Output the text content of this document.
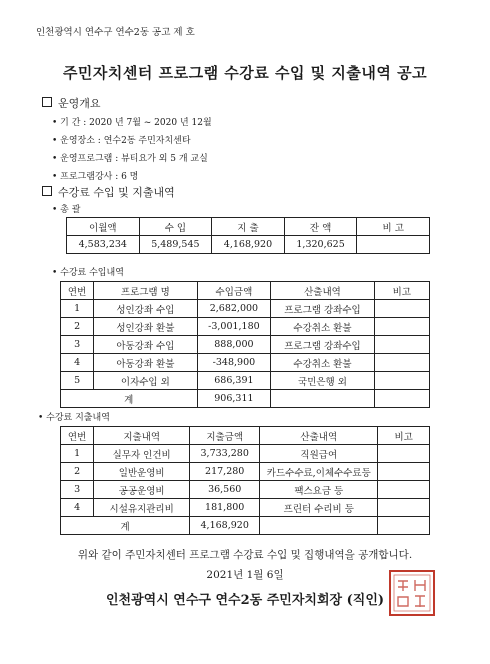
인천광역시 연수구 연수2동 공고 제 호
주민자치센터 프로그램 수강료 수입 및 지출내역 공고
운영개요
• 기 간 : 2020 년 7월 ~ 2020 년 12월
• 운영장소 : 연수2동 주민자치센타
• 운영프로그램 : 뷰티요가 외 5 개 교실
• 프로그램강사 : 6 명
수강료 수입 및 지출내역
• 총 괄
이월액	수 입	지 출	잔 액	비 고
4,583,234	5,489,545	4,168,920	1,320,625	
• 수강료 수입내역
연번	프로그램 명	수입금액	산출내역	비고
1	성인강좌 수입	2,682,000	프로그램 강좌수입	
2	성인강좌 환불	-3,001,180	수강취소 환불	
3	아동강좌 수입	888,000	프로그램 강좌수입	
4	아동강좌 환불	-348,900	수강취소 환불	
5	이자수입 외	686,391	국민은행 외	
계		906,311		
• 수강료 지출내역
연번	지출내역	지출금액	산출내역	비고
1	실무자 인건비	3,733,280	직원급여	
2	일반운영비	217,280	카드수수료,이체수수료등	
3	공공운영비	36,560	팩스요금 등	
4	시설유지관리비	181,800	프린터 수리비 등	
계		4,168,920		
위와 같이 주민자치센터 프로그램 수강료 수입 및 집행내역을 공개합니다.
2021년 1월 6일
인천광역시 연수구 연수2동 주민자치회장 (직인)
